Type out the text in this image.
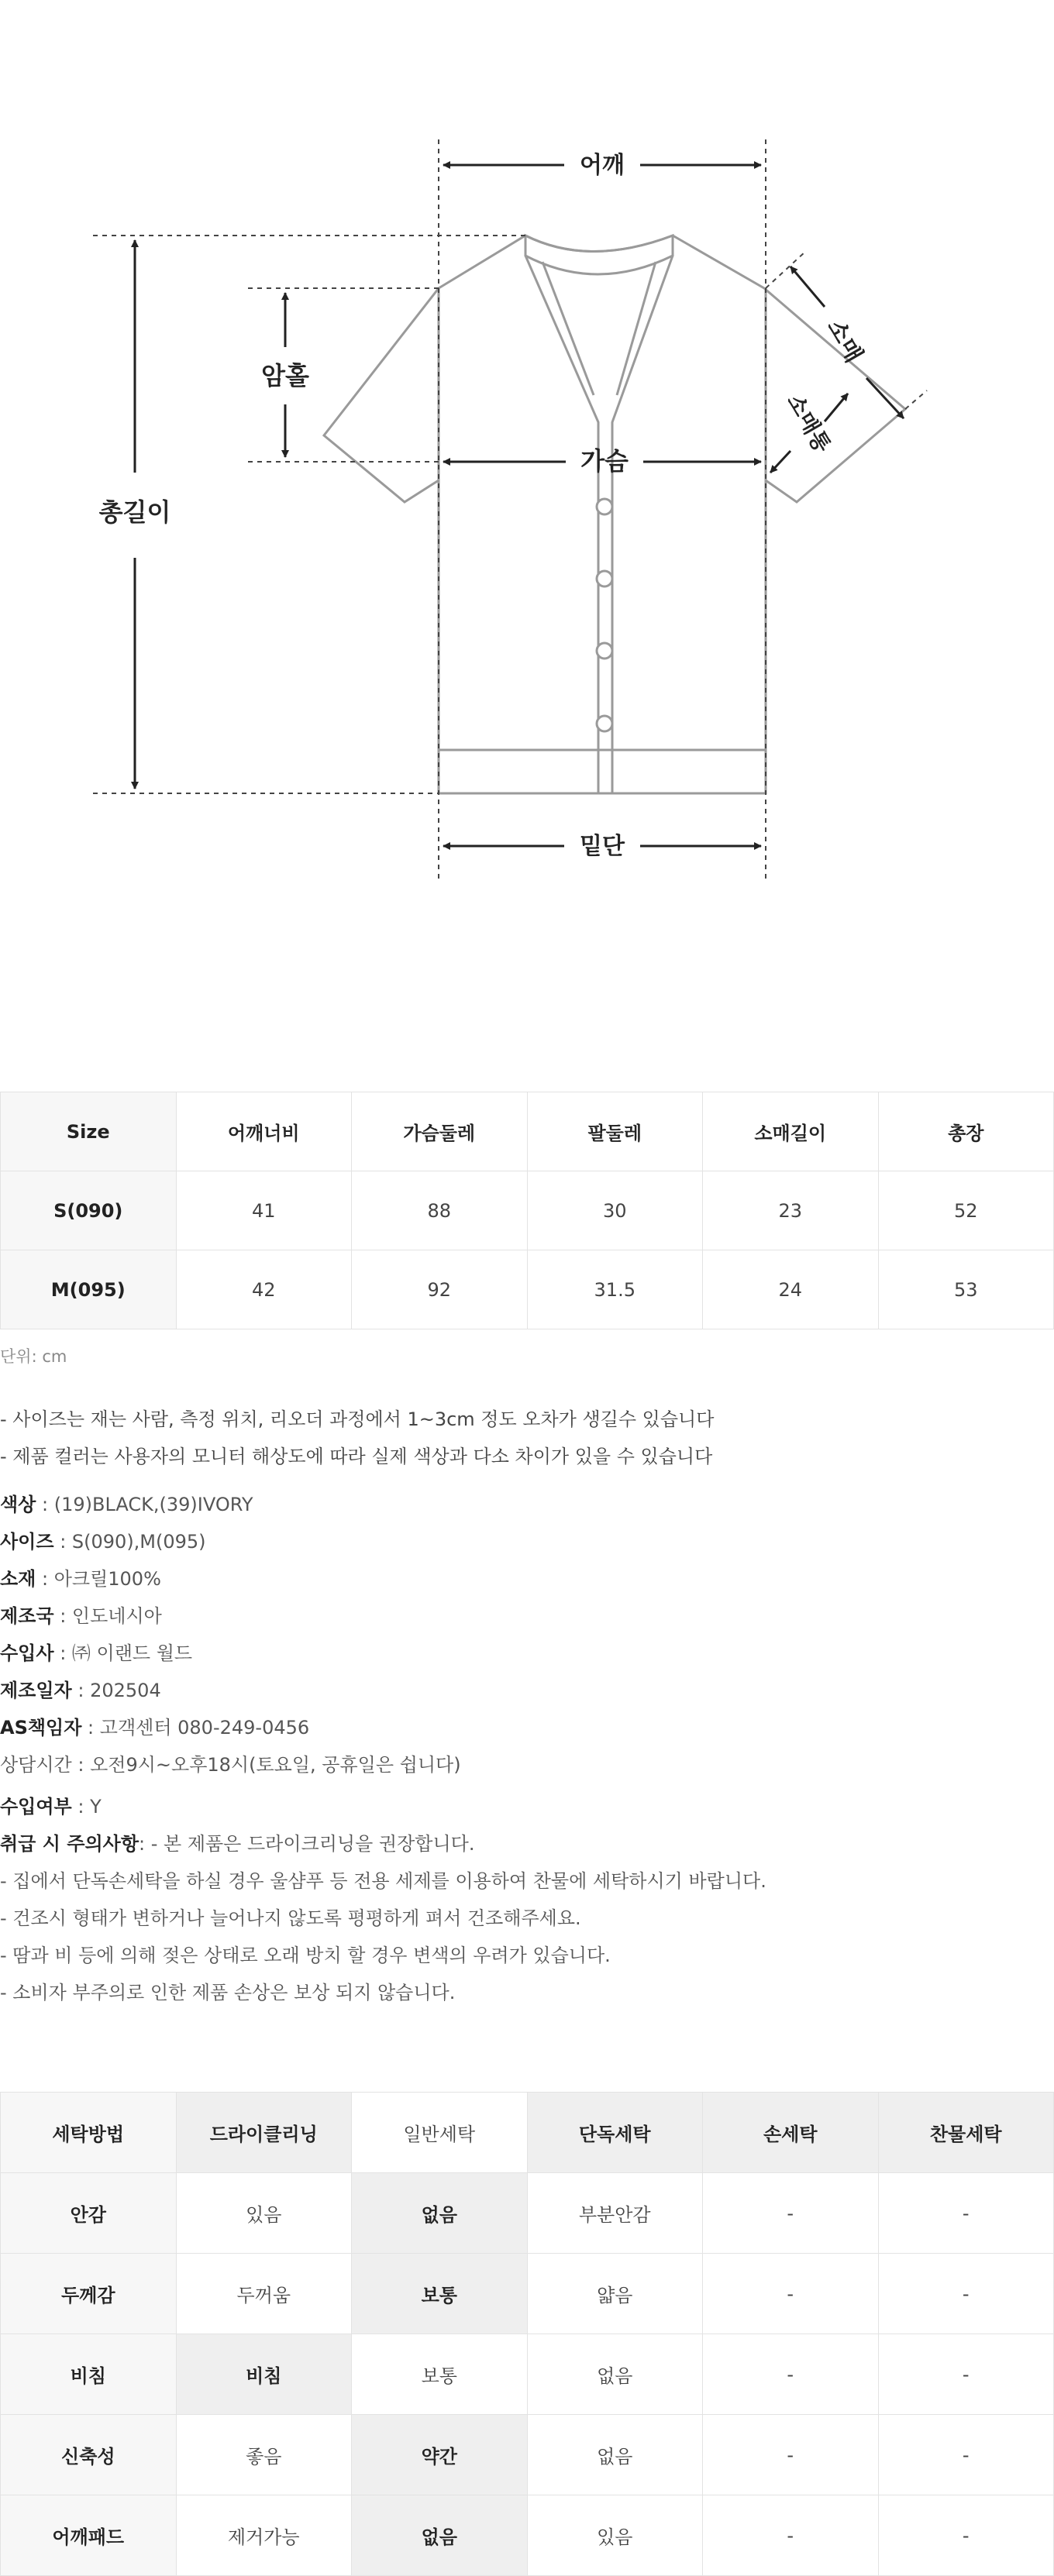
어깨
암홀
총길이
가슴
소매
소매통
밑단
Size	어깨너비	가슴둘레	팔둘레	소매길이	총장
S(090)	41	88	30	23	52
M(095)	42	92	31.5	24	53
단위: cm
- 사이즈는 재는 사람, 측정 위치, 리오더 과정에서 1~3cm 정도 오차가 생길수 있습니다
- 제품 컬러는 사용자의 모니터 해상도에 따라 실제 색상과 다소 차이가 있을 수 있습니다
색상 : (19)BLACK,(39)IVORY
사이즈 : S(090),M(095)
소재 : 아크릴100%
제조국 : 인도네시아
수입사 : ㈜ 이랜드 월드
제조일자 : 202504
AS책임자 : 고객센터 080-249-0456
상담시간 : 오전9시~오후18시(토요일, 공휴일은 쉽니다)
수입여부 : Y
취급 시 주의사항: - 본 제품은 드라이크리닝을 권장합니다.
- 집에서 단독손세탁을 하실 경우 울샴푸 등 전용 세제를 이용하여 찬물에 세탁하시기 바랍니다.
- 건조시 형태가 변하거나 늘어나지 않도록 평평하게 펴서 건조해주세요.
- 땀과 비 등에 의해 젖은 상태로 오래 방치 할 경우 변색의 우려가 있습니다.
- 소비자 부주의로 인한 제품 손상은 보상 되지 않습니다.
세탁방법	드라이클리닝	일반세탁	단독세탁	손세탁	찬물세탁
안감	있음	없음	부분안감	-	-
두께감	두꺼움	보통	얇음	-	-
비침	비침	보통	없음	-	-
신축성	좋음	약간	없음	-	-
어깨패드	제거가능	없음	있음	-	-
